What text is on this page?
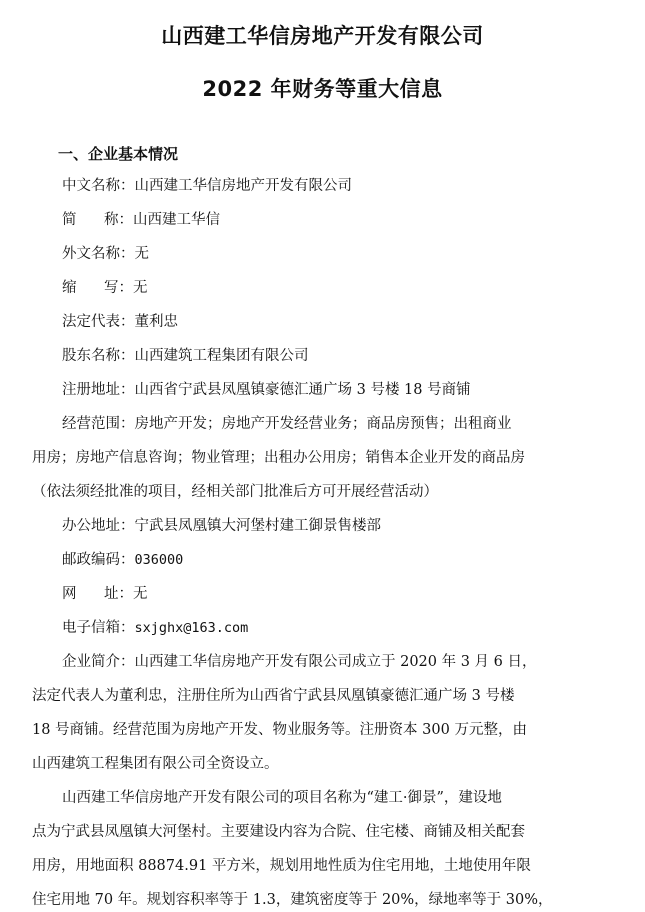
山西建工华信房地产开发有限公司
2022 年财务等重大信息
一、企业基本情况
中文名称：山西建工华信房地产开发有限公司
简 称：山西建工华信
外文名称：无
缩 写：无
法定代表：董利忠
股东名称：山西建筑工程集团有限公司
注册地址：山西省宁武县凤凰镇豪德汇通广场 3 号楼 18 号商铺
经营范围：房地产开发；房地产开发经营业务；商品房预售；出租商业
用房；房地产信息咨询；物业管理；出租办公用房；销售本企业开发的商品房
（依法须经批准的项目，经相关部门批准后方可开展经营活动）
办公地址：宁武县凤凰镇大河堡村建工御景售楼部
邮政编码：036000
网 址：无
电子信箱：sxjghx@163.com
企业简介：山西建工华信房地产开发有限公司成立于 2020 年 3 月 6 日，
法定代表人为董利忠，注册住所为山西省宁武县凤凰镇豪德汇通广场 3 号楼
18 号商铺。经营范围为房地产开发、物业服务等。注册资本 300 万元整，由
山西建筑工程集团有限公司全资设立。
山西建工华信房地产开发有限公司的项目名称为“建工·御景”，建设地
点为宁武县凤凰镇大河堡村。主要建设内容为合院、住宅楼、商铺及相关配套
用房，用地面积 88874.91 平方米，规划用地性质为住宅用地，土地使用年限
住宅用地 70 年。规划容积率等于 1.3，建筑密度等于 20%，绿地率等于 30%，
